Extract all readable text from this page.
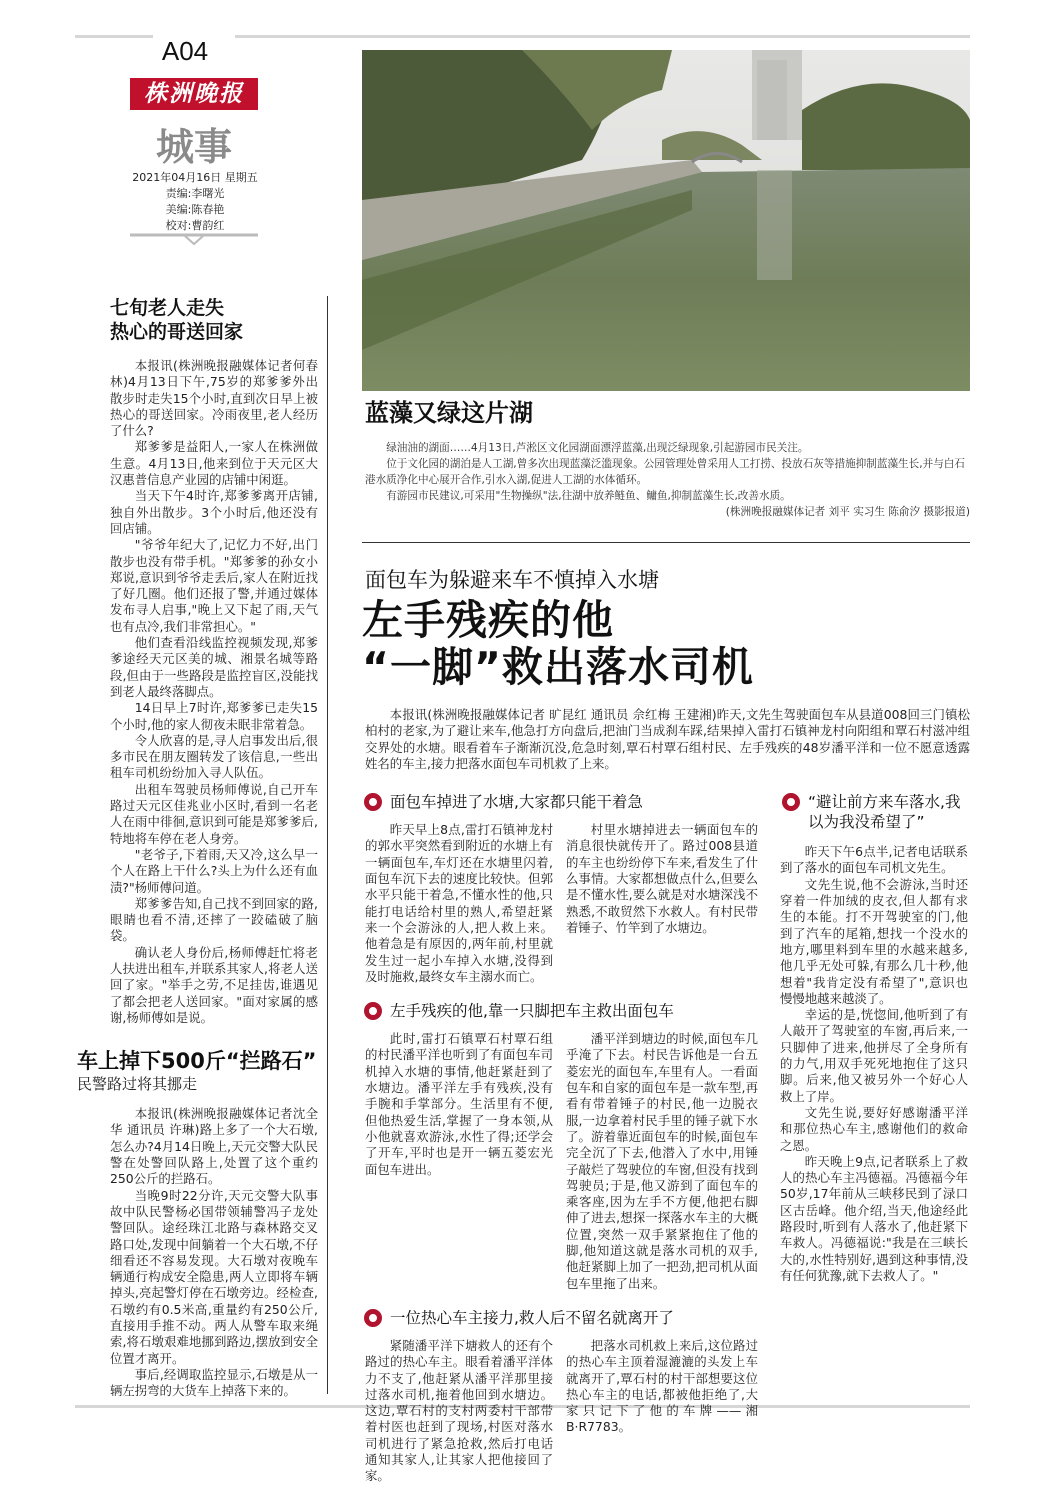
A04
株洲晚报
城事
2021年04月16日 星期五
责编:李曙光
美编:陈春艳
校对:曹韵红
七旬老人走失
热心的哥送回家

本报讯(株洲晚报融媒体记者何春林)4月13日下午,75岁的郑爹爹外出散步时走失15个小时,直到次日早上被热心的哥送回家。冷雨夜里,老人经历了什么?

郑爹爹是益阳人,一家人在株洲做生意。4月13日,他来到位于天元区大汉惠普信息产业园的店铺中闲逛。

当天下午4时许,郑爹爹离开店铺,独自外出散步。3个小时后,他还没有回店铺。

"爷爷年纪大了,记忆力不好,出门散步也没有带手机。"郑爹爹的孙女小郑说,意识到爷爷走丢后,家人在附近找了好几圈。他们还报了警,并通过媒体发布寻人启事,"晚上又下起了雨,天气也有点冷,我们非常担心。"

他们查看沿线监控视频发现,郑爹爹途经天元区美的城、湘景名城等路段,但由于一些路段是监控盲区,没能找到老人最终落脚点。

14日早上7时许,郑爹爹已走失15个小时,他的家人彻夜未眠非常着急。

令人欣喜的是,寻人启事发出后,很多市民在朋友圈转发了该信息,一些出租车司机纷纷加入寻人队伍。

出租车驾驶员杨师傅说,自己开车路过天元区佳兆业小区时,看到一名老人在雨中徘徊,意识到可能是郑爹爹后,特地将车停在老人身旁。

"老爷子,下着雨,天又冷,这么早一个人在路上干什么?头上为什么还有血渍?"杨师傅问道。

郑爹爹告知,自己找不到回家的路,眼睛也看不清,还摔了一跤磕破了脑袋。

确认老人身份后,杨师傅赶忙将老人扶进出租车,并联系其家人,将老人送回了家。"举手之劳,不足挂齿,谁遇见了都会把老人送回家。"面对家属的感谢,杨师傅如是说。

车上掉下500斤“拦路石”
民警路过将其挪走

本报讯(株洲晚报融媒体记者沈全华 通讯员 许琳)路上多了一个大石墩,怎么办?4月14日晚上,天元交警大队民警在处警回队路上,处置了这个重约250公斤的拦路石。

当晚9时22分许,天元交警大队事故中队民警杨必国带领辅警冯子龙处警回队。途经珠江北路与森林路交叉路口处,发现中间躺着一个大石墩,不仔细看还不容易发现。大石墩对夜晚车辆通行构成安全隐患,两人立即将车辆掉头,亮起警灯停在石墩旁边。经检查,石墩约有0.5米高,重量约有250公斤,直接用手推不动。两人从警车取来绳索,将石墩艰难地挪到路边,摆放到安全位置才离开。

事后,经调取监控显示,石墩是从一辆左拐弯的大货车上掉落下来的。

蓝藻又绿这片湖

绿油油的湖面……4月13日,芦淞区文化园湖面漂浮蓝藻,出现泛绿现象,引起游园市民关注。

位于文化园的湖泊是人工湖,曾多次出现蓝藻泛滥现象。公园管理处曾采用人工打捞、投放石灰等措施抑制蓝藻生长,并与白石港水质净化中心展开合作,引水入湖,促进人工湖的水体循环。

有游园市民建议,可采用"生物操纵"法,往湖中放养鲢鱼、鳙鱼,抑制蓝藻生长,改善水质。

(株洲晚报融媒体记者 刘平 实习生 陈俞汐 摄影报道)
面包车为躲避来车不慎掉入水塘
左手残疾的他
“一脚”救出落水司机

本报讯(株洲晚报融媒体记者 旷昆红 通讯员 佘红梅 王建湘)昨天,文先生驾驶面包车从县道008回三门镇松柏村的老家,为了避让来车,他急打方向盘后,把油门当成刹车踩,结果掉入雷打石镇神龙村向阳组和覃石村滋冲组交界处的水塘。眼看着车子渐渐沉没,危急时刻,覃石村覃石组村民、左手残疾的48岁潘平洋和一位不愿意透露姓名的车主,接力把落水面包车司机救了上来。

面包车掉进了水塘,大家都只能干着急

昨天早上8点,雷打石镇神龙村的郭水平突然看到附近的水塘上有一辆面包车,车灯还在水塘里闪着,面包车沉下去的速度比较快。但郭水平只能干着急,不懂水性的他,只能打电话给村里的熟人,希望赶紧来一个会游泳的人,把人救上来。他着急是有原因的,两年前,村里就发生过一起小车掉入水塘,没得到及时施救,最终女车主溺水而亡。

村里水塘掉进去一辆面包车的消息很快就传开了。路过008县道的车主也纷纷停下车来,看发生了什么事情。大家都想做点什么,但要么是不懂水性,要么就是对水塘深浅不熟悉,不敢贸然下水救人。有村民带着锤子、竹竿到了水塘边。

左手残疾的他,靠一只脚把车主救出面包车

此时,雷打石镇覃石村覃石组的村民潘平洋也听到了有面包车司机掉入水塘的事情,他赶紧赶到了水塘边。潘平洋左手有残疾,没有手腕和手掌部分。生活里有不便,但他热爱生活,掌握了一身本领,从小他就喜欢游泳,水性了得;还学会了开车,平时也是开一辆五菱宏光面包车进出。

潘平洋到塘边的时候,面包车几乎淹了下去。村民告诉他是一台五菱宏光的面包车,车里有人。一看面包车和自家的面包车是一款车型,再看有带着锤子的村民,他一边脱衣服,一边拿着村民手里的锤子就下水了。游着靠近面包车的时候,面包车完全沉了下去,他潜入了水中,用锤子敲烂了驾驶位的车窗,但没有找到驾驶员;于是,他又游到了面包车的乘客座,因为左手不方便,他把右脚伸了进去,想探一探落水车主的大概位置,突然一双手紧紧抱住了他的脚,他知道这就是落水司机的双手,他赶紧脚上加了一把劲,把司机从面包车里拖了出来。

一位热心车主接力,救人后不留名就离开了

紧随潘平洋下塘救人的还有个路过的热心车主。眼看着潘平洋体力不支了,他赶紧从潘平洋那里接过落水司机,拖着他回到水塘边。这边,覃石村的支村两委村干部带着村医也赶到了现场,村医对落水司机进行了紧急抢救,然后打电话通知其家人,让其家人把他接回了家。

把落水司机救上来后,这位路过的热心车主顶着湿漉漉的头发上车就离开了,覃石村的村干部想要这位热心车主的电话,都被他拒绝了,大家只记下了他的车牌——湘B·R7783。

“避让前方来车落水,我以为我没希望了”

昨天下午6点半,记者电话联系到了落水的面包车司机文先生。

文先生说,他不会游泳,当时还穿着一件加绒的皮衣,但人都有求生的本能。打不开驾驶室的门,他到了汽车的尾箱,想找一个没水的地方,哪里料到车里的水越来越多,他几乎无处可躲,有那么几十秒,他想着"我肯定没有希望了",意识也慢慢地越来越淡了。

幸运的是,恍惚间,他听到了有人敲开了驾驶室的车窗,再后来,一只脚伸了进来,他拼尽了全身所有的力气,用双手死死地抱住了这只脚。后来,他又被另外一个好心人救上了岸。

文先生说,要好好感谢潘平洋和那位热心车主,感谢他们的救命之恩。

昨天晚上9点,记者联系上了救人的热心车主冯德福。冯德福今年50岁,17年前从三峡移民到了渌口区古岳峰。他介绍,当天,他途经此路段时,听到有人落水了,他赶紧下车救人。冯德福说:"我是在三峡长大的,水性特别好,遇到这种事情,没有任何犹豫,就下去救人了。"
